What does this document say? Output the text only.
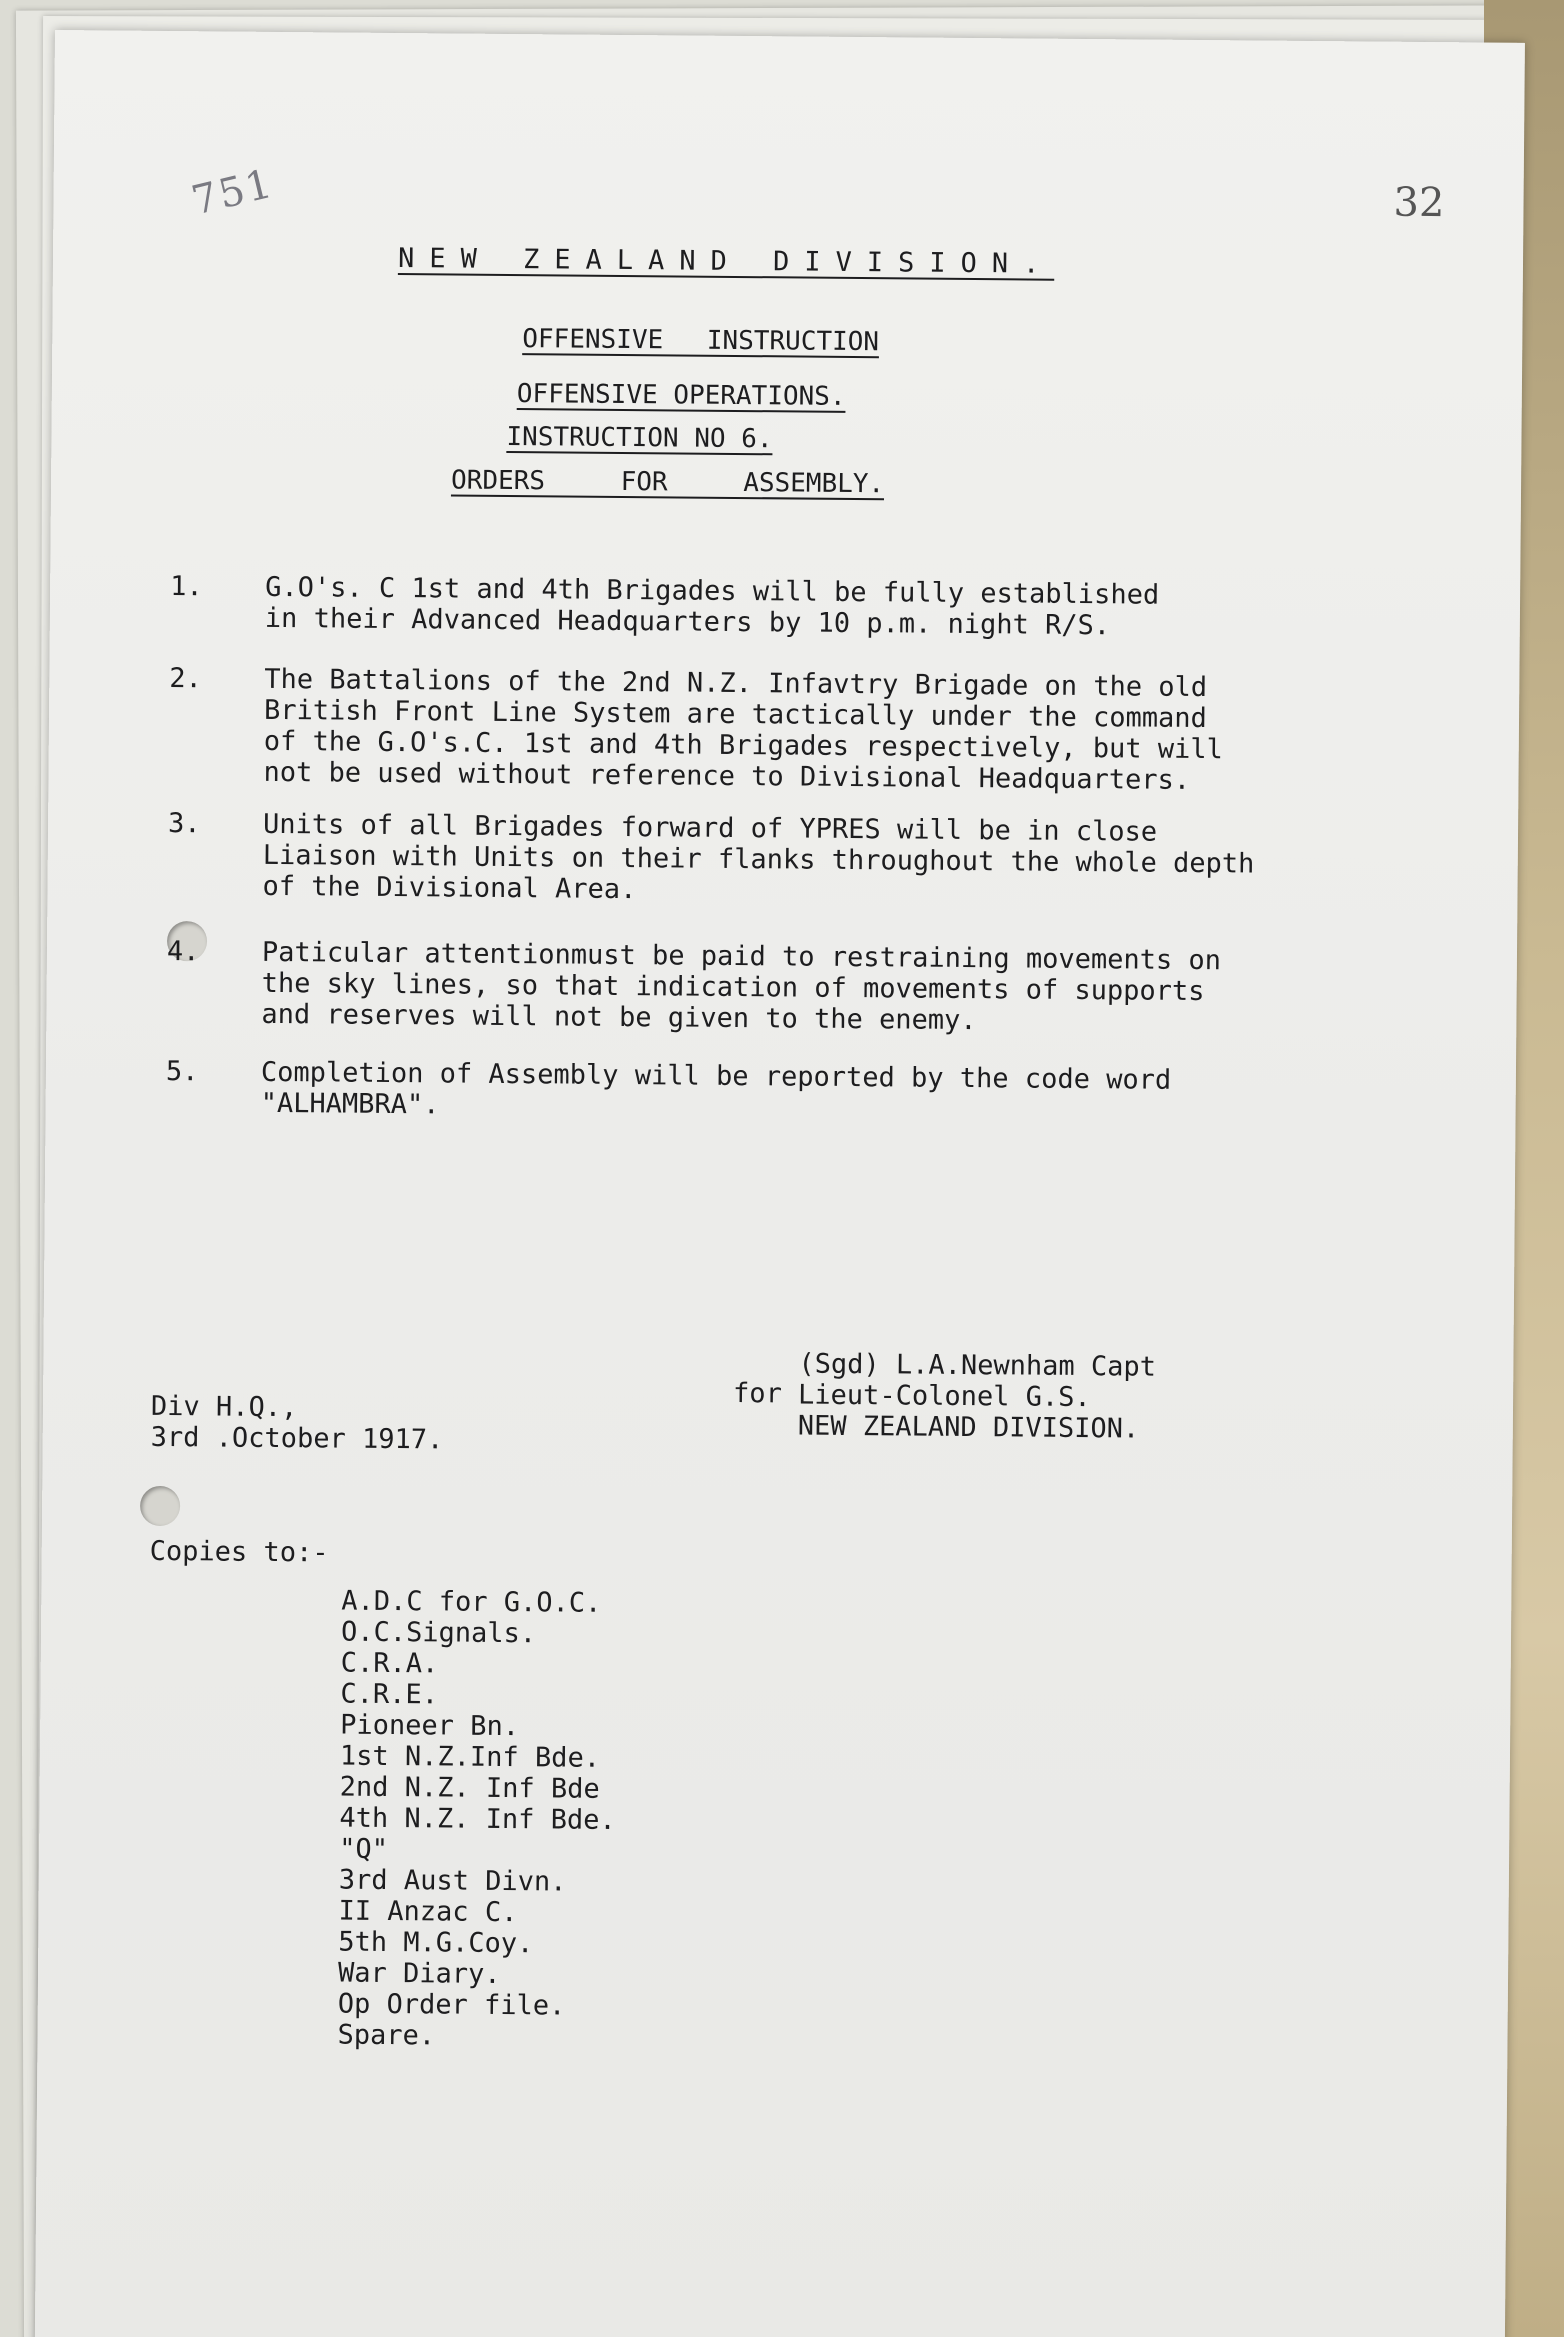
751	32
NEW ZEALAND DIVISION.
OFFENSIVE INSTRUCTION
OFFENSIVE OPERATIONS.
INSTRUCTION NO 6.
ORDERS FOR ASSEMBLY.
1.	G.O's. C 1st and 4th Brigades will be fully established
in their Advanced Headquarters by 10 p.m. night R/S.
2.	The Battalions of the 2nd N.Z. Infavtry Brigade on the old
British Front Line System are tactically under the command
of the G.O's.C. 1st and 4th Brigades respectively, but will
not be used without reference to Divisional Headquarters.
3.	Units of all Brigades forward of YPRES will be in close
Liaison with Units on their flanks throughout the whole depth
of the Divisional Area.
4.	Paticular attentionmust be paid to restraining movements on
the sky lines, so that indication of movements of supports
and reserves will not be given to the enemy.
5.	Completion of Assembly will be reported by the code word
"ALHAMBRA".
for
(Sgd) L.A.Newnham Capt
Lieut-Colonel G.S.
NEW ZEALAND DIVISION.
Div H.Q.,
3rd .October 1917.
Copies to:-
A.D.C for G.O.C.
O.C.Signals.
C.R.A.
C.R.E.
Pioneer Bn.
1st N.Z.Inf Bde.
2nd N.Z. Inf Bde
4th N.Z. Inf Bde.
"Q"
3rd Aust Divn.
II Anzac C.
5th M.G.Coy.
War Diary.
Op Order file.
Spare.
